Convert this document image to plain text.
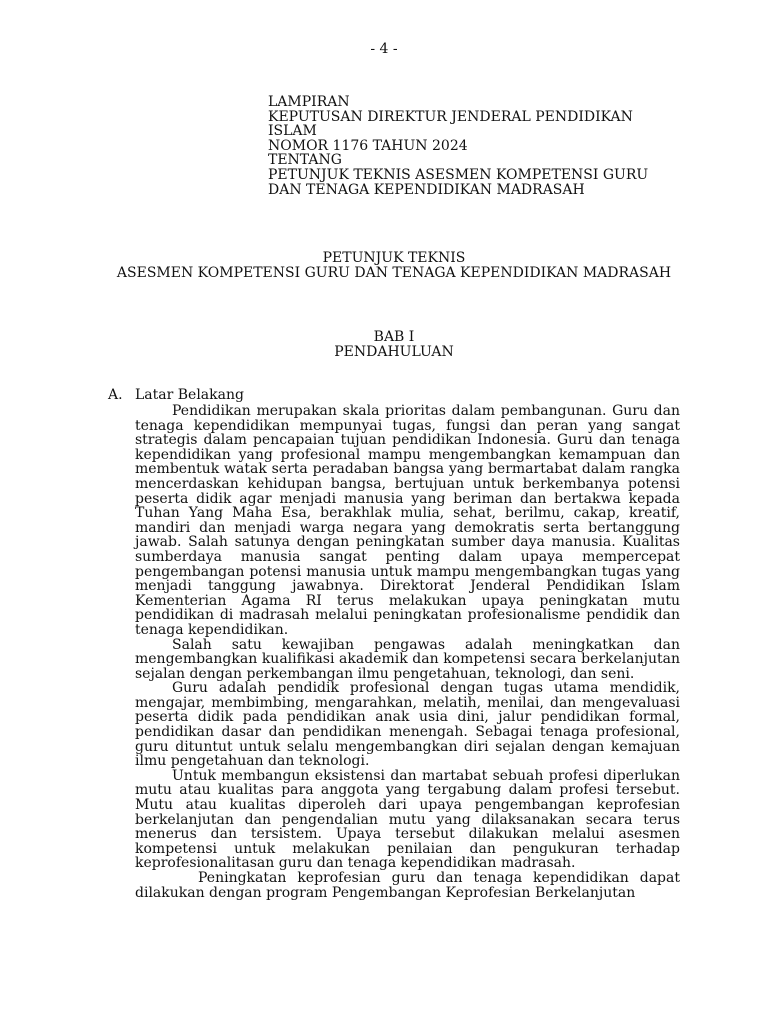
- 4 -
LAMPIRAN
KEPUTUSAN DIREKTUR JENDERAL PENDIDIKAN
ISLAM
NOMOR 1176 TAHUN 2024
TENTANG
PETUNJUK TEKNIS ASESMEN KOMPETENSI GURU
DAN TENAGA KEPENDIDIKAN MADRASAH
PETUNJUK TEKNIS
ASESMEN KOMPETENSI GURU DAN TENAGA KEPENDIDIKAN MADRASAH
BAB I
PENDAHULUAN
A. Latar Belakang

Pendidikan merupakan skala prioritas dalam pembangunan. Guru dan tenaga kependidikan mempunyai tugas, fungsi dan peran yang sangat strategis dalam pencapaian tujuan pendidikan Indonesia. Guru dan tenaga kependidikan yang profesional mampu mengembangkan kemampuan dan membentuk watak serta peradaban bangsa yang bermartabat dalam rangka mencerdaskan kehidupan bangsa, bertujuan untuk berkembanya potensi peserta didik agar menjadi manusia yang beriman dan bertakwa kepada Tuhan Yang Maha Esa, berakhlak mulia, sehat, berilmu, cakap, kreatif, mandiri dan menjadi warga negara yang demokratis serta bertanggung jawab. Salah satunya dengan peningkatan sumber daya manusia. Kualitas sumberdaya manusia sangat penting dalam upaya mempercepat pengembangan potensi manusia untuk mampu mengembangkan tugas yang menjadi tanggung jawabnya. Direktorat Jenderal Pendidikan Islam Kementerian Agama RI terus melakukan upaya peningkatan mutu pendidikan di madrasah melalui peningkatan profesionalisme pendidik dan tenaga kependidikan.

Salah satu kewajiban pengawas adalah meningkatkan dan mengembangkan kualifikasi akademik dan kompetensi secara berkelanjutan sejalan dengan perkembangan ilmu pengetahuan, teknologi, dan seni.

Guru adalah pendidik profesional dengan tugas utama mendidik, mengajar, membimbing, mengarahkan, melatih, menilai, dan mengevaluasi peserta didik pada pendidikan anak usia dini, jalur pendidikan formal, pendidikan dasar dan pendidikan menengah. Sebagai tenaga profesional, guru dituntut untuk selalu mengembangkan diri sejalan dengan kemajuan ilmu pengetahuan dan teknologi.

Untuk membangun eksistensi dan martabat sebuah profesi diperlukan mutu atau kualitas para anggota yang tergabung dalam profesi tersebut. Mutu atau kualitas diperoleh dari upaya pengembangan keprofesian berkelanjutan dan pengendalian mutu yang dilaksanakan secara terus menerus dan tersistem. Upaya tersebut dilakukan melalui asesmen kompetensi untuk melakukan penilaian dan pengukuran terhadap keprofesionalitasan guru dan tenaga kependidikan madrasah.

Peningkatan keprofesian guru dan tenaga kependidikan dapat dilakukan dengan program Pengembangan Keprofesian Berkelanjutan
